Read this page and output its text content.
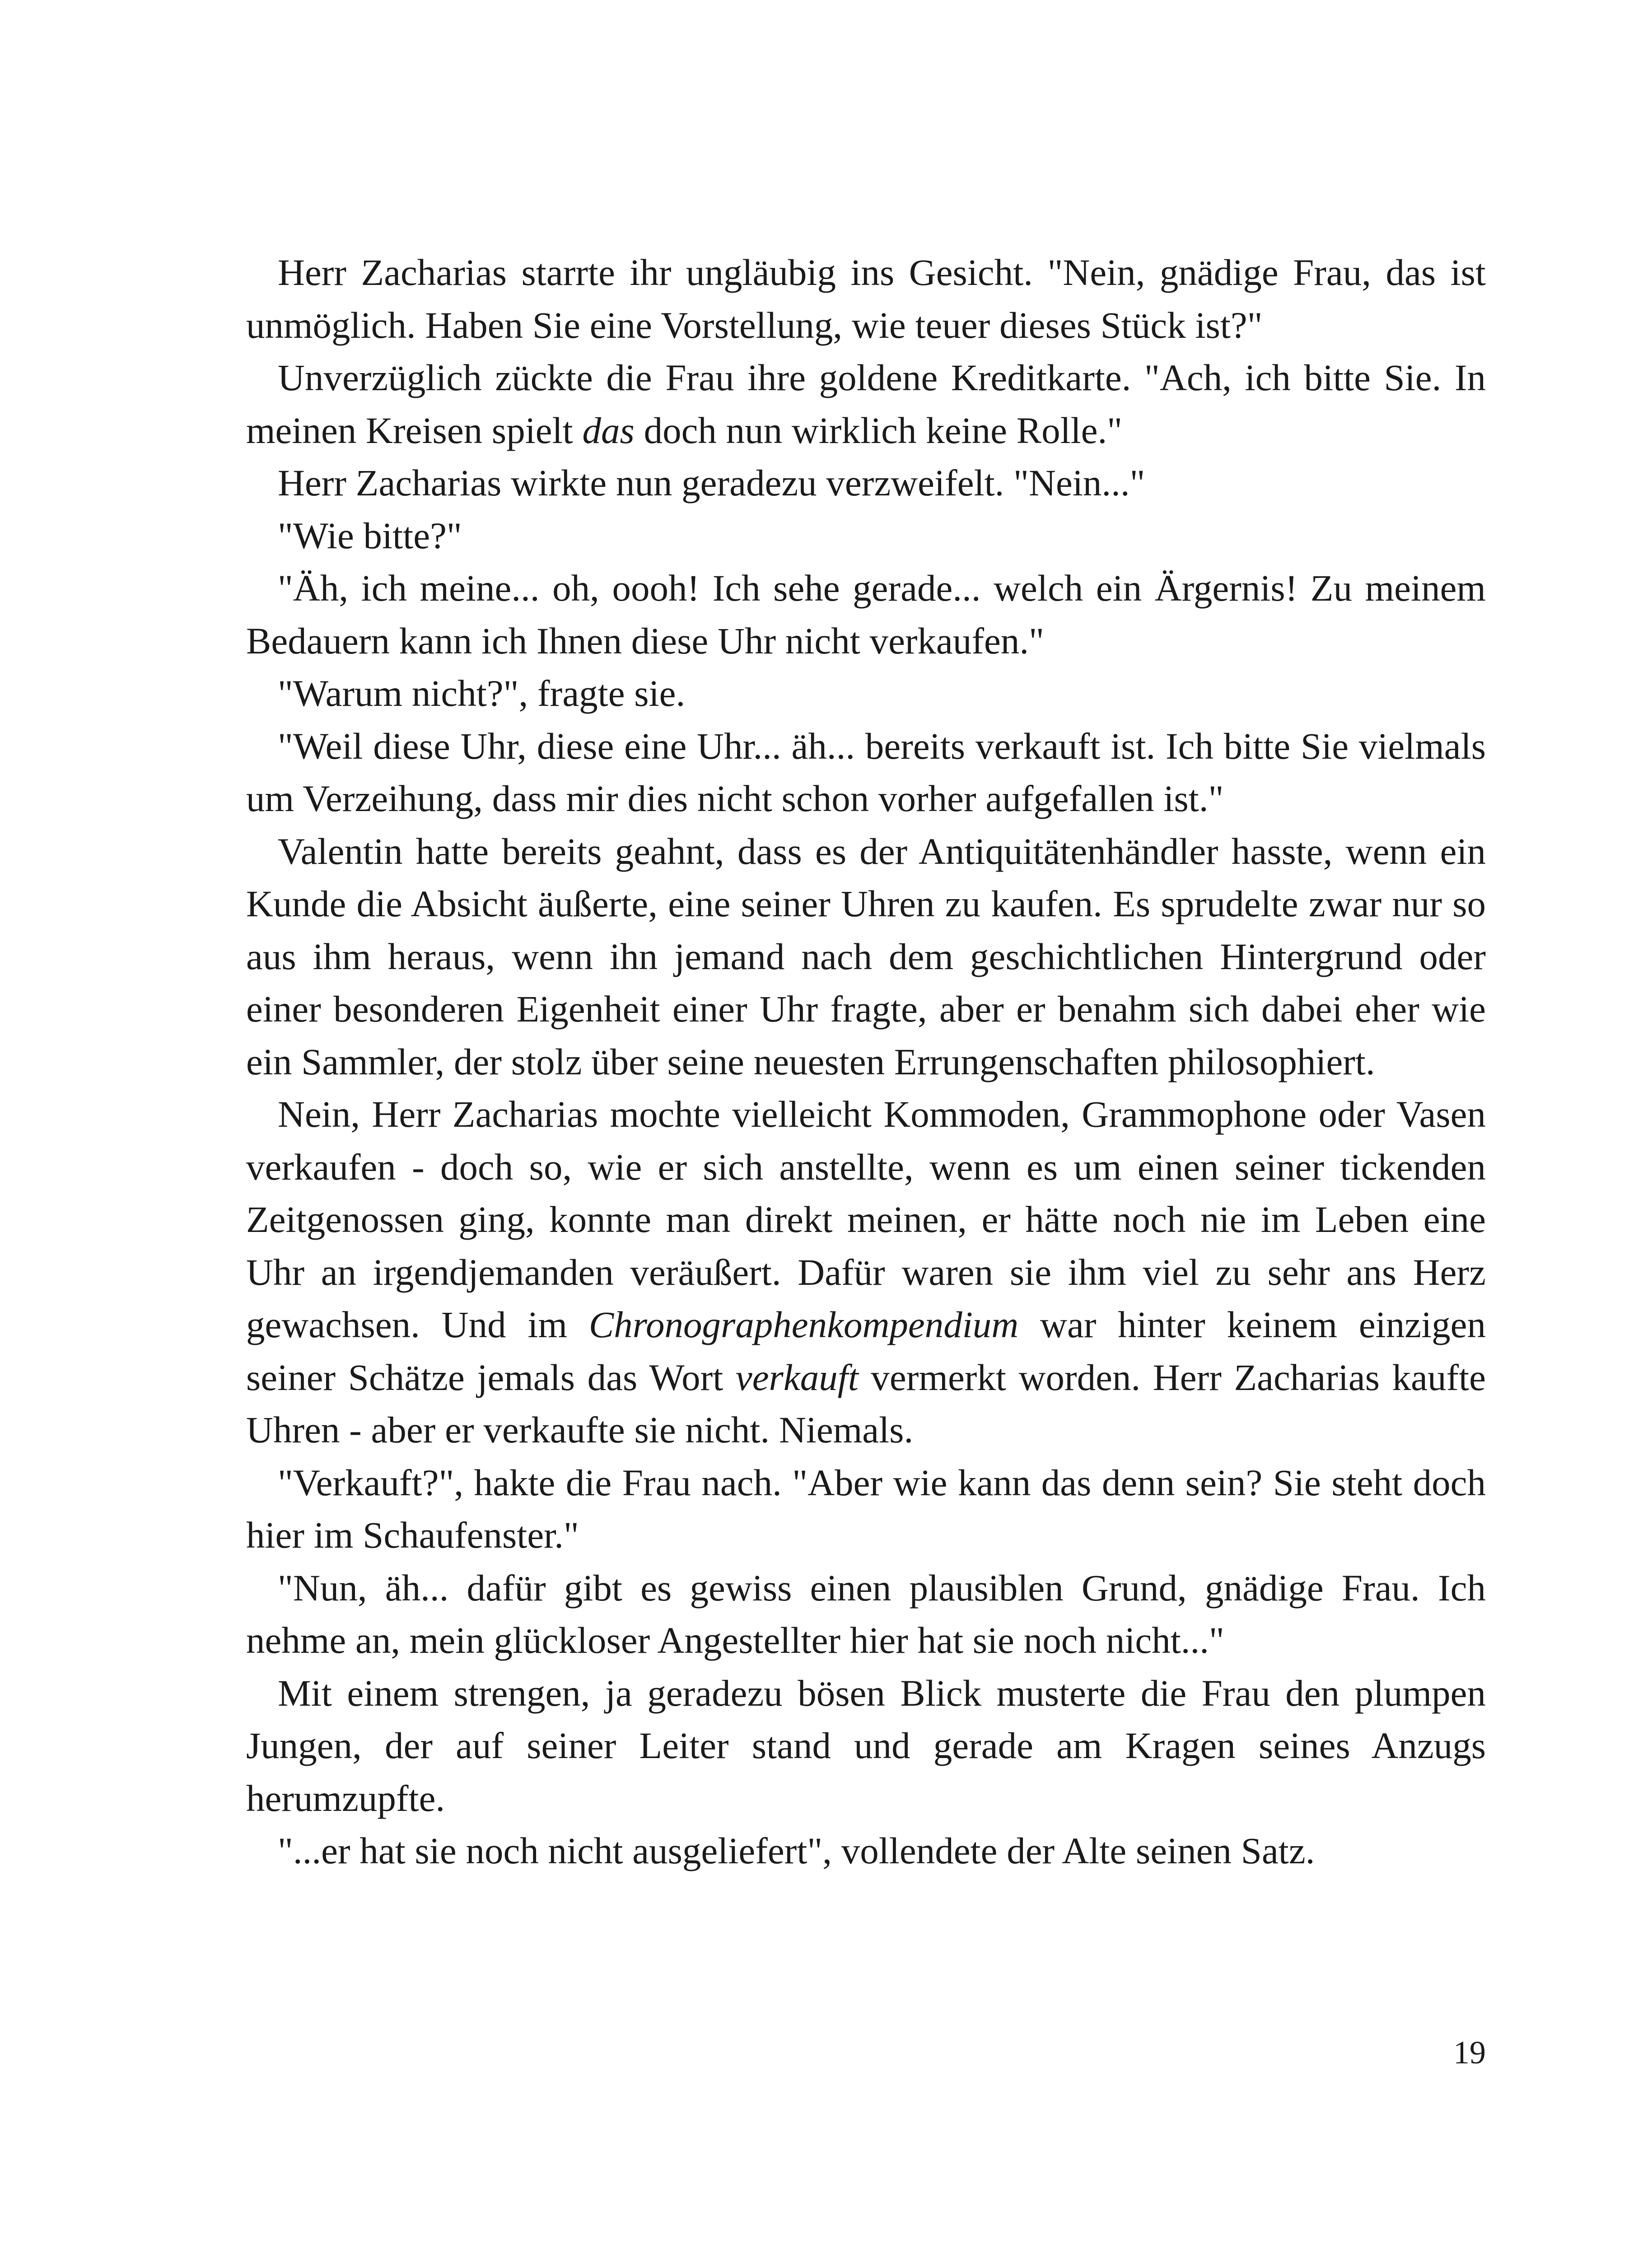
Herr Zacharias starrte ihr ungläubig ins Gesicht. "Nein, gnädige Frau, das ist unmöglich. Haben Sie eine Vorstellung, wie teuer dieses Stück ist?"

Unverzüglich zückte die Frau ihre goldene Kreditkarte. "Ach, ich bitte Sie. In meinen Kreisen spielt das doch nun wirklich keine Rolle."

Herr Zacharias wirkte nun geradezu verzweifelt. "Nein..."

"Wie bitte?"

"Äh, ich meine... oh, oooh! Ich sehe gerade... welch ein Ärgernis! Zu meinem Bedauern kann ich Ihnen diese Uhr nicht verkaufen."

"Warum nicht?", fragte sie.

"Weil diese Uhr, diese eine Uhr... äh... bereits verkauft ist. Ich bitte Sie vielmals um Verzeihung, dass mir dies nicht schon vorher aufgefallen ist."

Valentin hatte bereits geahnt, dass es der Antiquitätenhändler hasste, wenn ein Kunde die Absicht äußerte, eine seiner Uhren zu kaufen. Es sprudelte zwar nur so aus ihm heraus, wenn ihn jemand nach dem geschichtlichen Hintergrund oder einer besonderen Eigenheit einer Uhr fragte, aber er benahm sich dabei eher wie ein Sammler, der stolz über seine neuesten Errungenschaften philosophiert.

Nein, Herr Zacharias mochte vielleicht Kommoden, Grammophone oder Vasen verkaufen - doch so, wie er sich anstellte, wenn es um einen seiner tickenden Zeitgenossen ging, konnte man direkt meinen, er hätte noch nie im Leben eine Uhr an irgendjemanden veräußert. Dafür waren sie ihm viel zu sehr ans Herz gewachsen. Und im Chronographenkompendium war hinter keinem einzigen seiner Schätze jemals das Wort verkauft vermerkt worden. Herr Zacharias kaufte Uhren - aber er verkaufte sie nicht. Niemals.

"Verkauft?", hakte die Frau nach. "Aber wie kann das denn sein? Sie steht doch hier im Schaufenster."

"Nun, äh... dafür gibt es gewiss einen plausiblen Grund, gnädige Frau. Ich nehme an, mein glückloser Angestellter hier hat sie noch nicht..."

Mit einem strengen, ja geradezu bösen Blick musterte die Frau den plumpen Jungen, der auf seiner Leiter stand und gerade am Kragen seines Anzugs herumzupfte.

"...er hat sie noch nicht ausgeliefert", vollendete der Alte seinen Satz.

19
